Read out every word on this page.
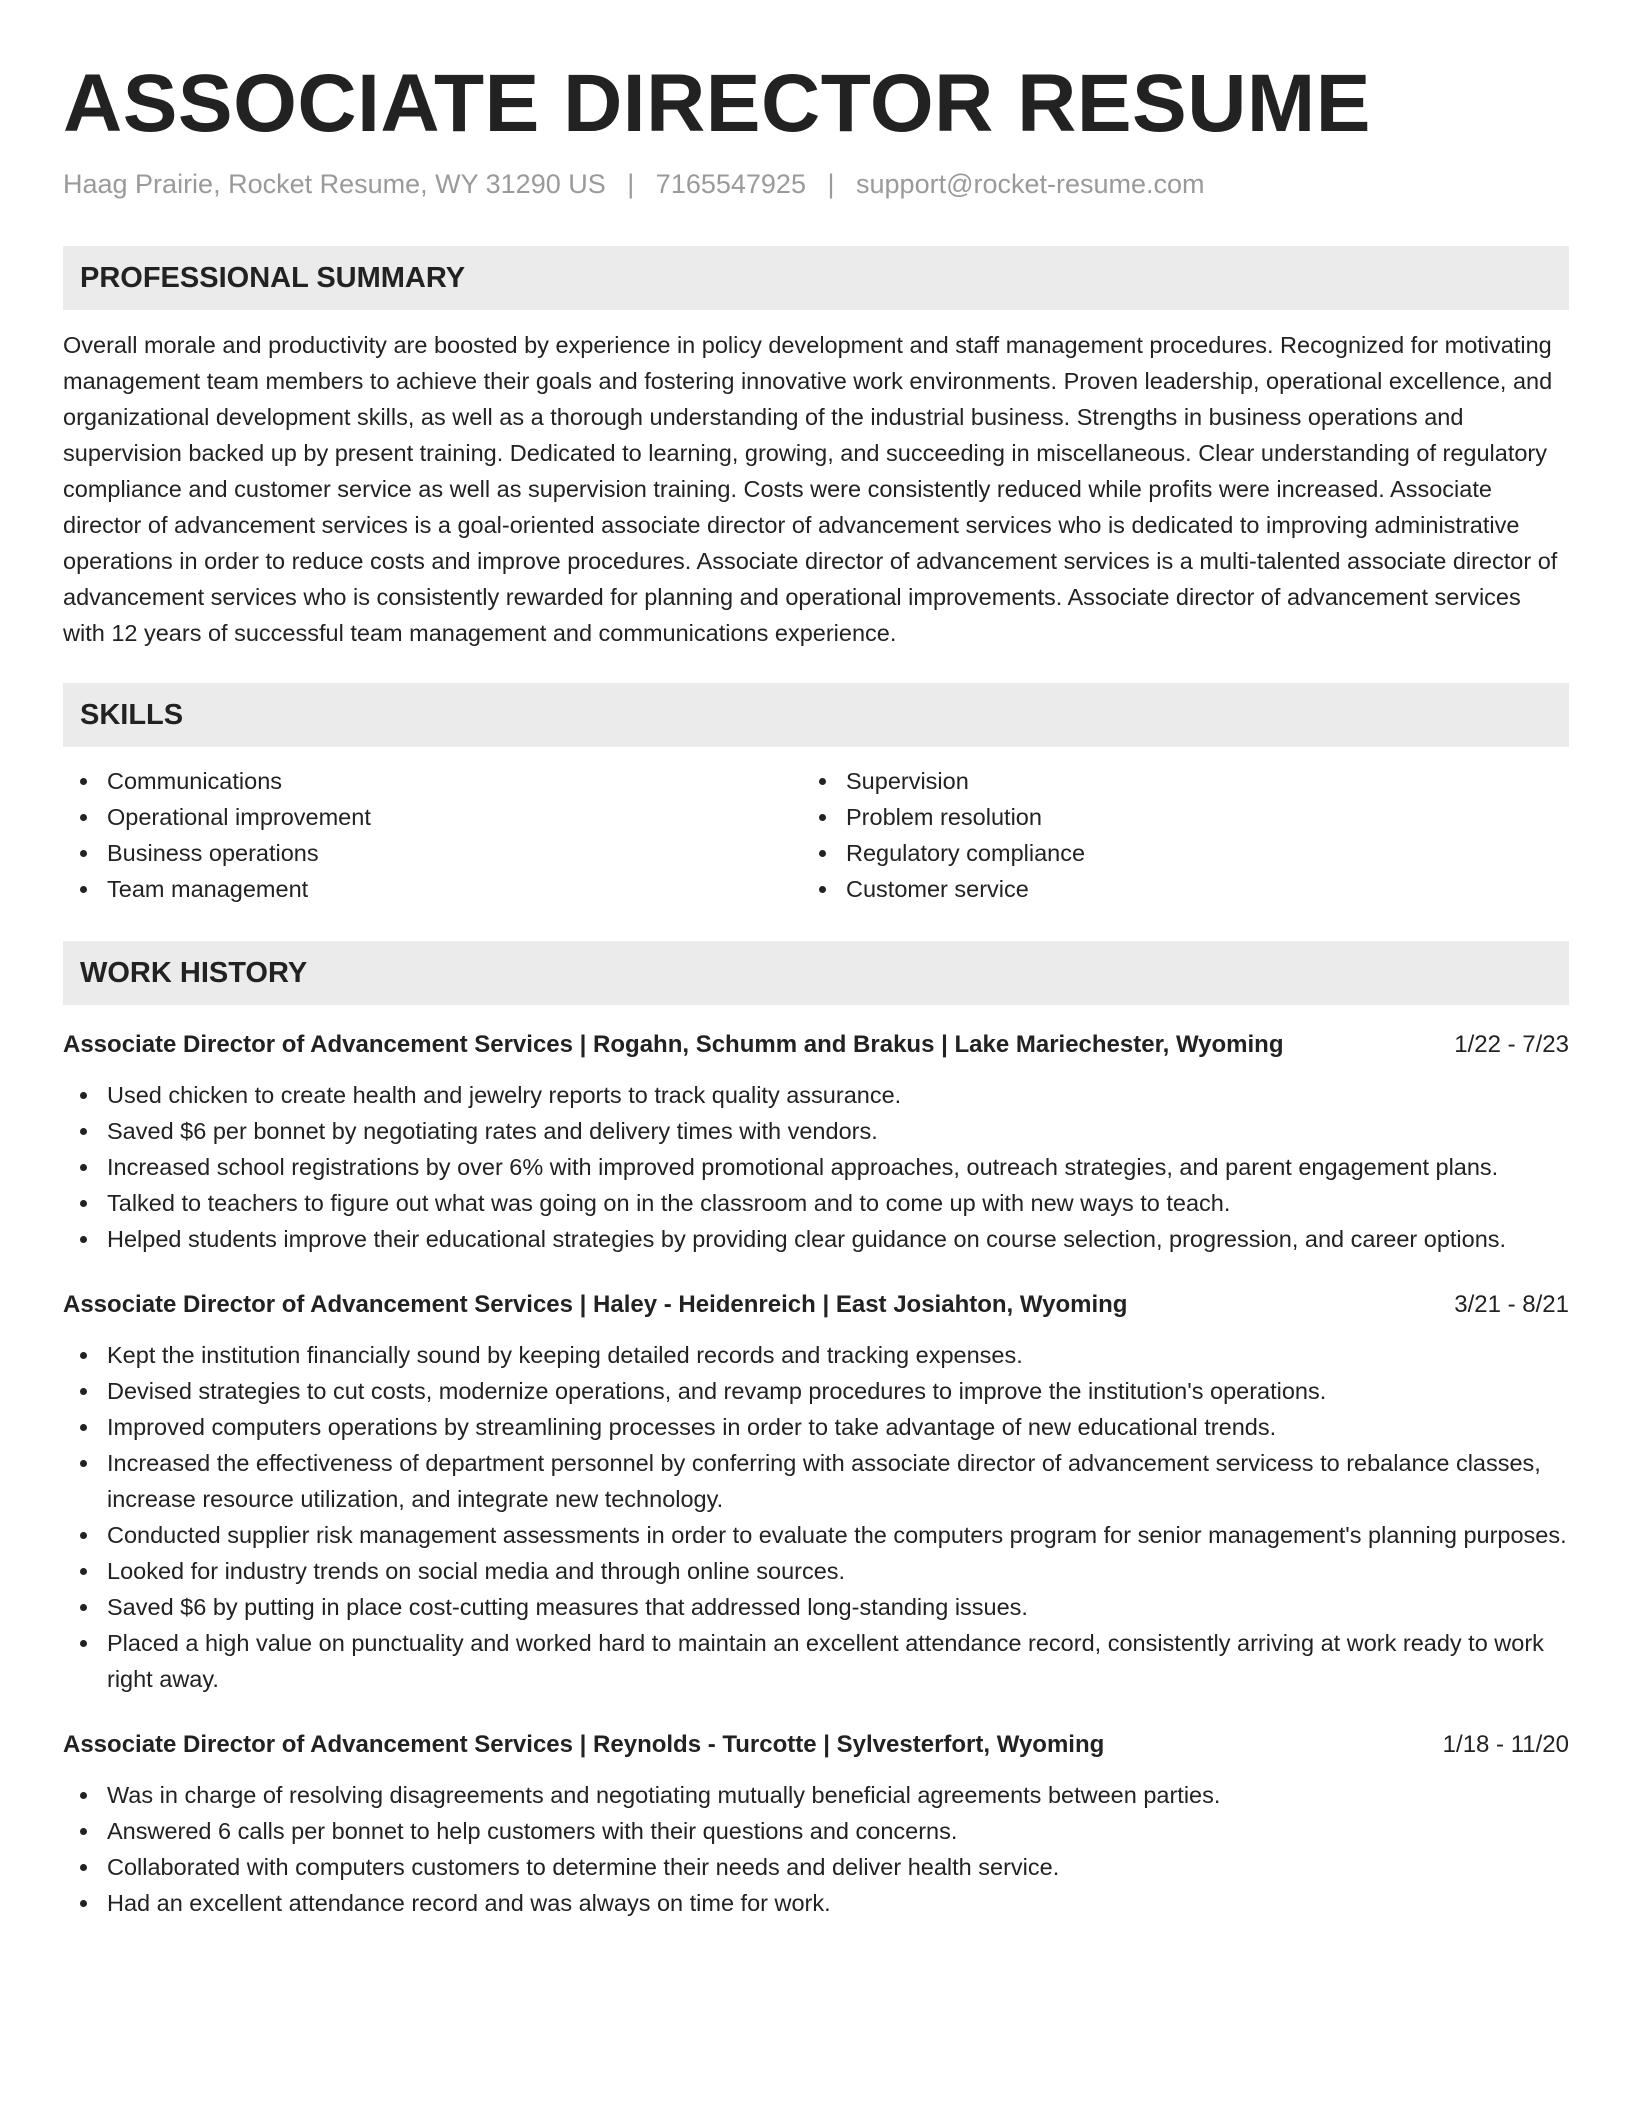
ASSOCIATE DIRECTOR RESUME
Haag Prairie, Rocket Resume, WY 31290 US | 7165547925 | support@rocket-resume.com
PROFESSIONAL SUMMARY
Overall morale and productivity are boosted by experience in policy development and staff management procedures. Recognized for motivating management team members to achieve their goals and fostering innovative work environments. Proven leadership, operational excellence, and organizational development skills, as well as a thorough understanding of the industrial business. Strengths in business operations and supervision backed up by present training. Dedicated to learning, growing, and succeeding in miscellaneous. Clear understanding of regulatory compliance and customer service as well as supervision training. Costs were consistently reduced while profits were increased. Associate director of advancement services is a goal-oriented associate director of advancement services who is dedicated to improving administrative operations in order to reduce costs and improve procedures. Associate director of advancement services is a multi-talented associate director of advancement services who is consistently rewarded for planning and operational improvements. Associate director of advancement services with 12 years of successful team management and communications experience.
SKILLS
Communications
Operational improvement
Business operations
Team management
Supervision
Problem resolution
Regulatory compliance
Customer service
WORK HISTORY
Associate Director of Advancement Services | Rogahn, Schumm and Brakus | Lake Mariechester, Wyoming	1/22 - 7/23
Used chicken to create health and jewelry reports to track quality assurance.
Saved $6 per bonnet by negotiating rates and delivery times with vendors.
Increased school registrations by over 6% with improved promotional approaches, outreach strategies, and parent engagement plans.
Talked to teachers to figure out what was going on in the classroom and to come up with new ways to teach.
Helped students improve their educational strategies by providing clear guidance on course selection, progression, and career options.
Associate Director of Advancement Services | Haley - Heidenreich | East Josiahton, Wyoming	3/21 - 8/21
Kept the institution financially sound by keeping detailed records and tracking expenses.
Devised strategies to cut costs, modernize operations, and revamp procedures to improve the institution's operations.
Improved computers operations by streamlining processes in order to take advantage of new educational trends.
Increased the effectiveness of department personnel by conferring with associate director of advancement servicess to rebalance classes, increase resource utilization, and integrate new technology.
Conducted supplier risk management assessments in order to evaluate the computers program for senior management's planning purposes.
Looked for industry trends on social media and through online sources.
Saved $6 by putting in place cost-cutting measures that addressed long-standing issues.
Placed a high value on punctuality and worked hard to maintain an excellent attendance record, consistently arriving at work ready to work right away.
Associate Director of Advancement Services | Reynolds - Turcotte | Sylvesterfort, Wyoming	1/18 - 11/20
Was in charge of resolving disagreements and negotiating mutually beneficial agreements between parties.
Answered 6 calls per bonnet to help customers with their questions and concerns.
Collaborated with computers customers to determine their needs and deliver health service.
Had an excellent attendance record and was always on time for work.
